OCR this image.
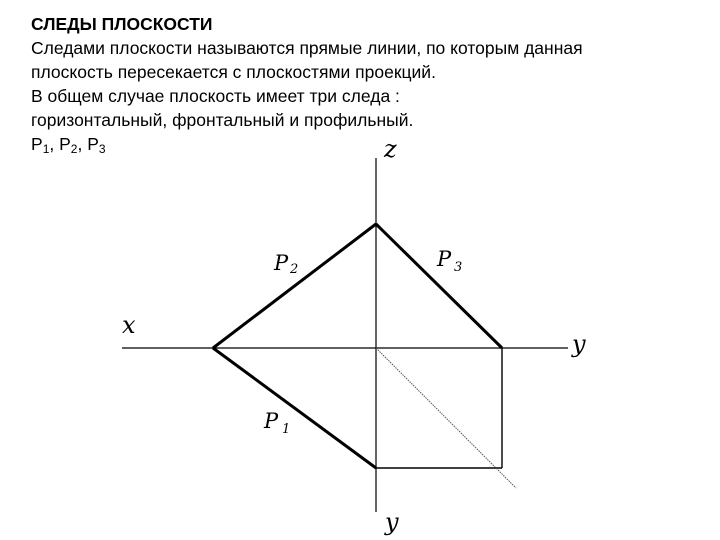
СЛЕДЫ ПЛОСКОСТИ

Следами плоскости называются прямые линии, по которым данная

плоскость пересекается с плоскостями проекций.

В общем случае плоскость имеет три следа :

горизонтальный, фронтальный и профильный.

$P_1$, $P_2$, $P_3$	z
x
y
y
P 2	P 3
P 1
